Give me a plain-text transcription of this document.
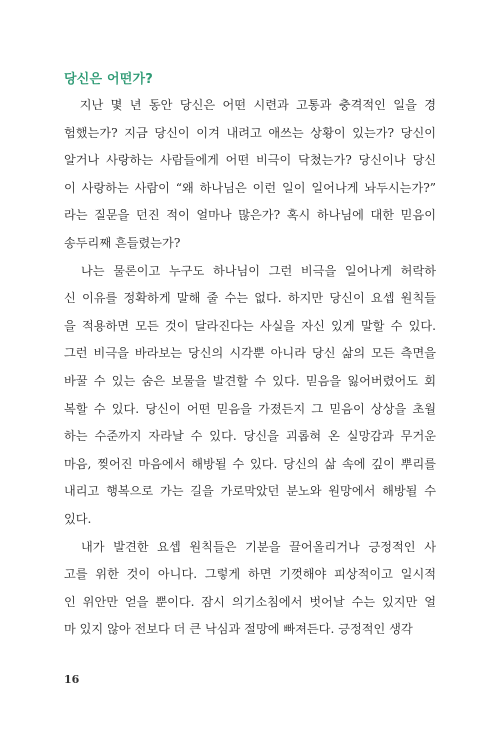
당신은 어떤가?
　지난 몇 년 동안 당신은 어떤 시련과 고통과 충격적인 일을 경
험했는가? 지금 당신이 이겨 내려고 애쓰는 상황이 있는가? 당신이
알거나 사랑하는 사람들에게 어떤 비극이 닥쳤는가? 당신이나 당신
이 사랑하는 사람이 “왜 하나님은 이런 일이 일어나게 놔두시는가?”
라는 질문을 던진 적이 얼마나 많은가? 혹시 하나님에 대한 믿음이
송두리째 흔들렸는가?
　나는 물론이고 누구도 하나님이 그런 비극을 일어나게 허락하
신 이유를 정확하게 말해 줄 수는 없다. 하지만 당신이 요셉 원칙들
을 적용하면 모든 것이 달라진다는 사실을 자신 있게 말할 수 있다.
그런 비극을 바라보는 당신의 시각뿐 아니라 당신 삶의 모든 측면을
바꿀 수 있는 숨은 보물을 발견할 수 있다. 믿음을 잃어버렸어도 회
복할 수 있다. 당신이 어떤 믿음을 가졌든지 그 믿음이 상상을 초월
하는 수준까지 자라날 수 있다. 당신을 괴롭혀 온 실망감과 무거운
마음, 찢어진 마음에서 해방될 수 있다. 당신의 삶 속에 깊이 뿌리를
내리고 행복으로 가는 길을 가로막았던 분노와 원망에서 해방될 수
있다.
　내가 발견한 요셉 원칙들은 기분을 끌어올리거나 긍정적인 사
고를 위한 것이 아니다. 그렇게 하면 기껏해야 피상적이고 일시적
인 위안만 얻을 뿐이다. 잠시 의기소침에서 벗어날 수는 있지만 얼
마 있지 않아 전보다 더 큰 낙심과 절망에 빠져든다. 긍정적인 생각
16
